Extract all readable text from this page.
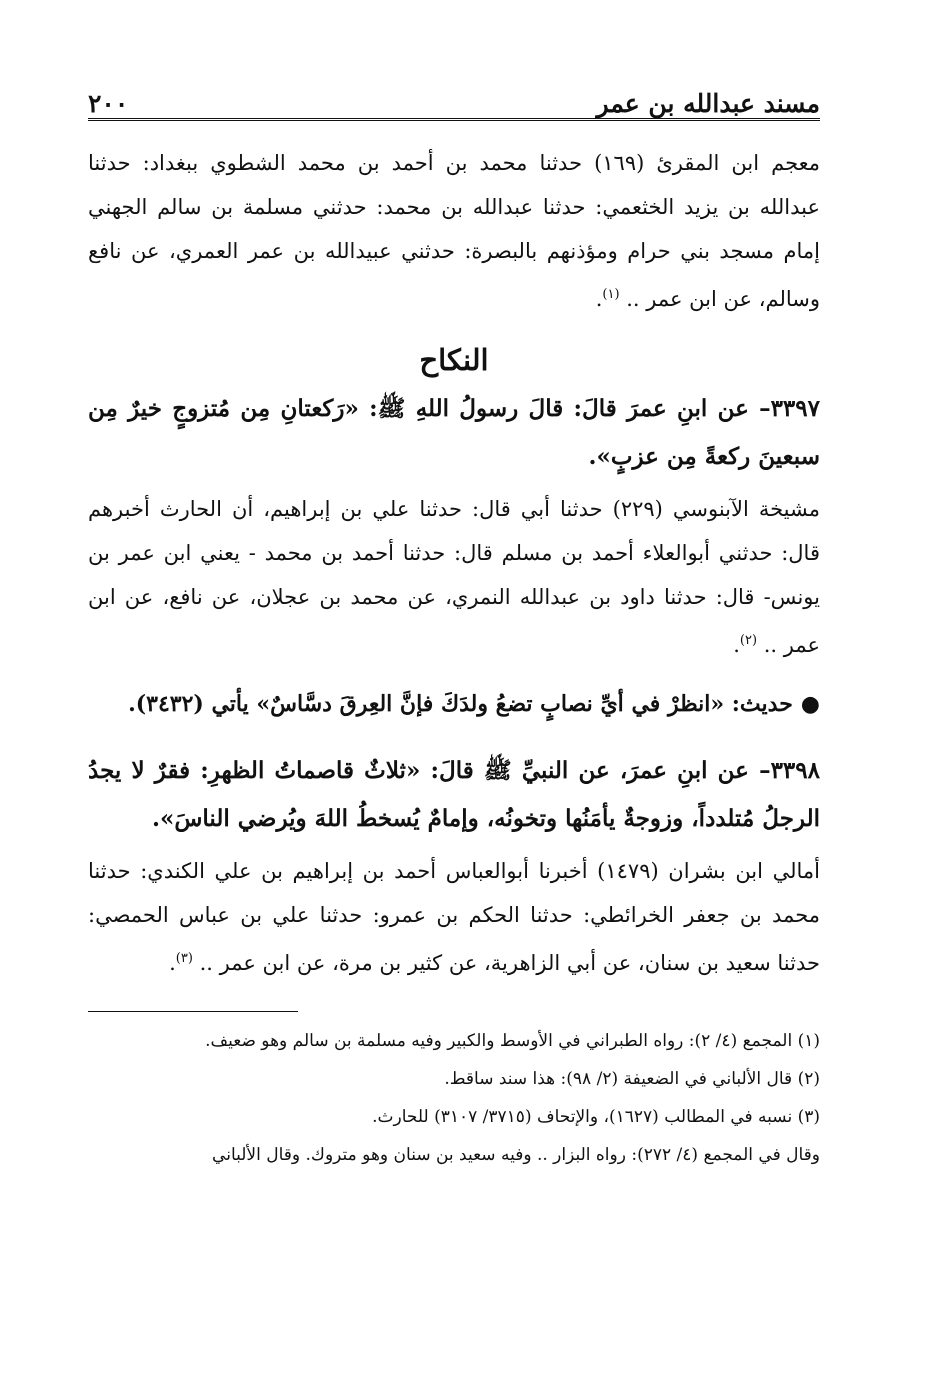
مسند عبدالله بن عمر
٢٠٠

معجم ابن المقرئ (١٦٩) حدثنا محمد بن أحمد بن محمد الشطوي ببغداد: حدثنا عبدالله بن يزيد الخثعمي: حدثنا عبدالله بن محمد: حدثني مسلمة بن سالم الجهني إمام مسجد بني حرام ومؤذنهم بالبصرة: حدثني عبيدالله بن عمر العمري، عن نافع وسالم، عن ابن عمر .. $^{(١)}$.

النكاح

٣٣٩٧– عن ابنِ عمرَ قالَ: قالَ رسولُ اللهِ ﷺ: «رَكعتانِ مِن مُتزوجٍ خيرٌ مِن سبعينَ ركعةً مِن عزبٍ».

مشيخة الآبنوسي (٢٢٩) حدثنا أبي قال: حدثنا علي بن إبراهيم، أن الحارث أخبرهم قال: حدثني أبوالعلاء أحمد بن مسلم قال: حدثنا أحمد بن محمد - يعني ابن عمر بن يونس- قال: حدثنا داود بن عبدالله النمري، عن محمد بن عجلان، عن نافع، عن ابن عمر .. $^{(٢)}$.

●حديث: «انظرْ في أيِّ نصابٍ تضعُ ولدَكَ فإنَّ العِرقَ دسَّاسٌ» يأتي (٣٤٣٢).

٣٣٩٨– عن ابنِ عمرَ، عن النبيِّ ﷺ قالَ: «ثلاثٌ قاصماتُ الظهرِ: فقرٌ لا يجدُ الرجلُ مُتلدداً، وزوجةٌ يأمَنُها وتخونُه، وإمامٌ يُسخطُ اللهَ ويُرضي الناسَ».

أمالي ابن بشران (١٤٧٩) أخبرنا أبوالعباس أحمد بن إبراهيم بن علي الكندي: حدثنا محمد بن جعفر الخرائطي: حدثنا الحكم بن عمرو: حدثنا علي بن عباس الحمصي: حدثنا سعيد بن سنان، عن أبي الزاهرية، عن كثير بن مرة، عن ابن عمر .. $^{(٣)}$.

(١) المجمع (٤/ ٢): رواه الطبراني في الأوسط والكبير وفيه مسلمة بن سالم وهو ضعيف.

(٢) قال الألباني في الضعيفة (٢/ ٩٨): هذا سند ساقط.

(٣) نسبه في المطالب (١٦٢٧)، والإتحاف (٣٧١٥/ ٣١٠٧) للحارث.

وقال في المجمع (٤/ ٢٧٢): رواه البزار .. وفيه سعيد بن سنان وهو متروك. وقال الألباني
